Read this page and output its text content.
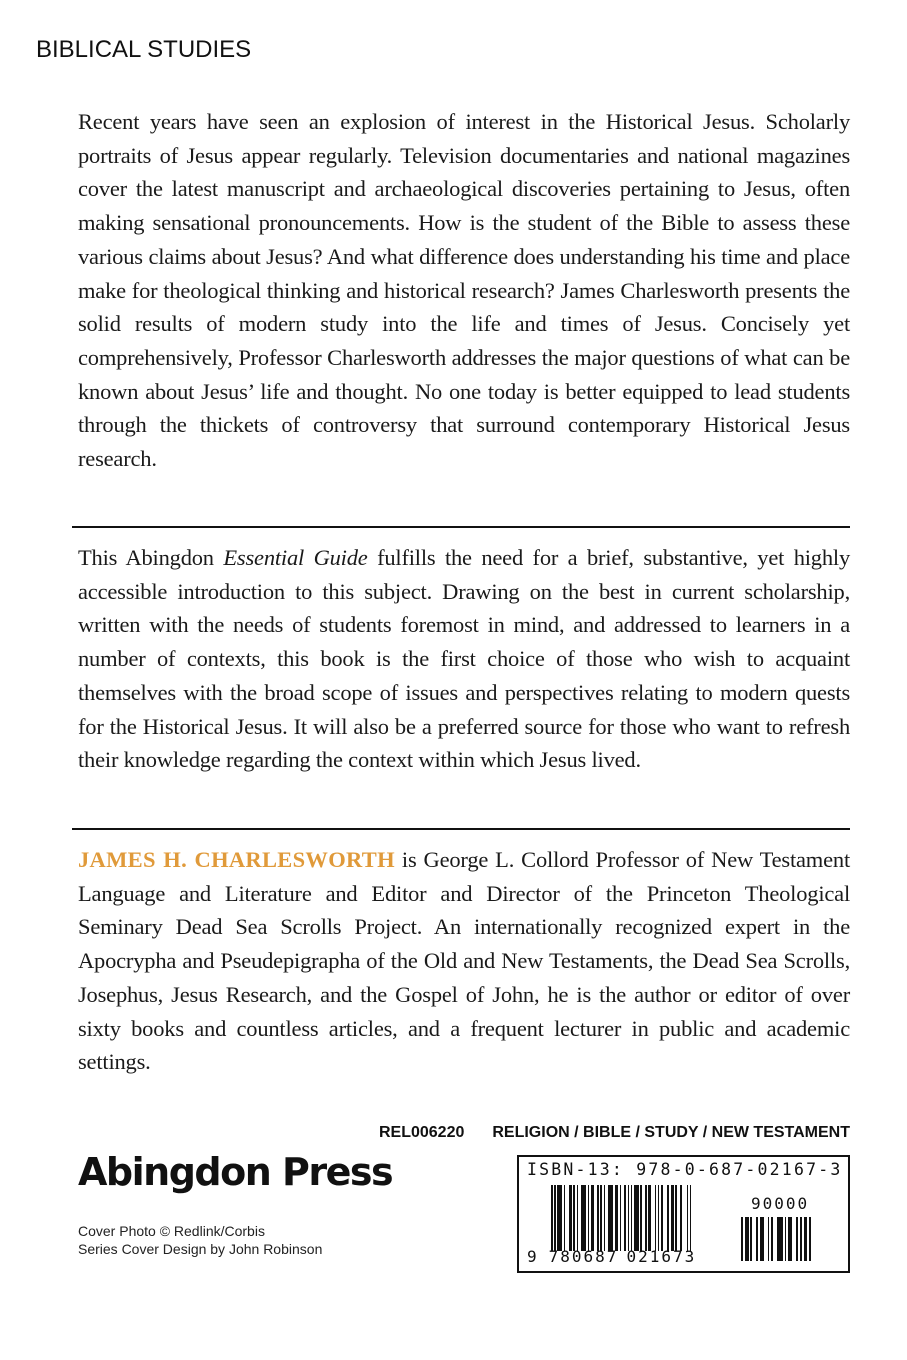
BIBLICAL STUDIES

Recent years have seen an explosion of interest in the Historical Jesus. Scholarly portraits of Jesus appear regularly. Television documentaries and national magazines cover the latest manuscript and archaeological discoveries pertaining to Jesus, often making sensational pronouncements. How is the student of the Bible to assess these various claims about Jesus? And what difference does understanding his time and place make for theological thinking and historical research? James Charlesworth presents the solid results of modern study into the life and times of Jesus. Concisely yet comprehensively, Professor Charlesworth addresses the major questions of what can be known about Jesus’ life and thought. No one today is better equipped to lead students through the thickets of controversy that surround contemporary Historical Jesus research.

This Abingdon Essential Guide fulfills the need for a brief, substantive, yet highly accessible introduction to this subject. Drawing on the best in current scholarship, written with the needs of students foremost in mind, and addressed to learners in a number of contexts, this book is the first choice of those who wish to acquaint themselves with the broad scope of issues and perspectives relating to modern quests for the Historical Jesus. It will also be a preferred source for those who want to refresh their knowledge regarding the context within which Jesus lived.

JAMES H. CHARLESWORTH is George L. Collord Professor of New Testament Language and Literature and Editor and Director of the Princeton Theological Seminary Dead Sea Scrolls Project. An internationally recognized expert in the Apocrypha and Pseudepigrapha of the Old and New Testaments, the Dead Sea Scrolls, Josephus, Jesus Research, and the Gospel of John, he is the author or editor of over sixty books and countless articles, and a frequent lecturer in public and academic settings.

REL006220 RELIGION / BIBLE / STUDY / NEW TESTAMENT
Abingdon Press
Cover Photo © Redlink/Corbis
Series Cover Design by John Robinson
ISBN-13: 978-0-687-02167-3
90000
9 780687 021673
